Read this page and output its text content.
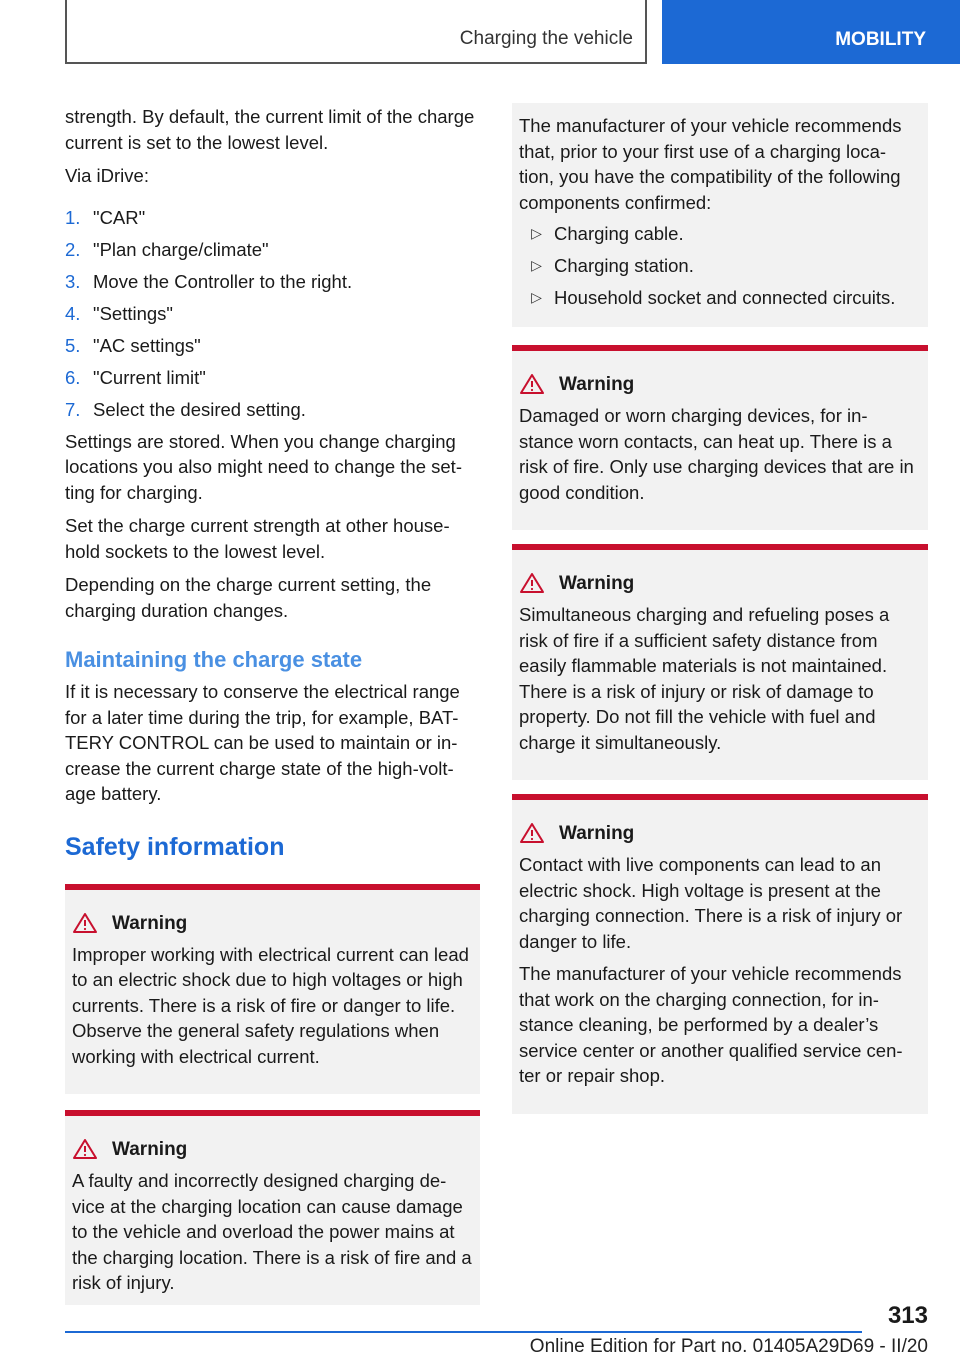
Charging the vehicle	MOBILITY

strength. By default, the current limit of the charge current is set to the lowest level.

Via iDrive:

1. "CAR"
2. "Plan charge/climate"
3. Move the Controller to the right.
4. "Settings"
5. "AC settings"
6. "Current limit"
7. Select the desired setting.

Settings are stored. When you change charging locations you also might need to change the set-ting for charging.

Set the charge current strength at other house-hold sockets to the lowest level.

Depending on the charge current setting, the charging duration changes.

Maintaining the charge state

If it is necessary to conserve the electrical range for a later time during the trip, for example, BAT-TERY CONTROL can be used to maintain or in-crease the current charge state of the high-volt-age battery.

Safety information
Warning

Improper working with electrical current can lead to an electric shock due to high voltages or high currents. There is a risk of fire or danger to life. Observe the general safety regulations when working with electrical current.

Warning

A faulty and incorrectly designed charging de-vice at the charging location can cause damage to the vehicle and overload the power mains at the charging location. There is a risk of fire and a risk of injury.

The manufacturer of your vehicle recommends that, prior to your first use of a charging loca-tion, you have the compatibility of the following components confirmed:

▷ Charging cable.
▷ Charging station.
▷ Household socket and connected circuits.
Warning

Damaged or worn charging devices, for in-stance worn contacts, can heat up. There is a risk of fire. Only use charging devices that are in good condition.

Warning

Simultaneous charging and refueling poses a risk of fire if a sufficient safety distance from easily flammable materials is not maintained. There is a risk of injury or risk of damage to property. Do not fill the vehicle with fuel and charge it simultaneously.

Warning

Contact with live components can lead to an electric shock. High voltage is present at the charging connection. There is a risk of injury or danger to life.

The manufacturer of your vehicle recommends that work on the charging connection, for in-stance cleaning, be performed by a dealer’s service center or another qualified service cen-ter or repair shop.

313
Online Edition for Part no. 01405A29D69 - II/20
